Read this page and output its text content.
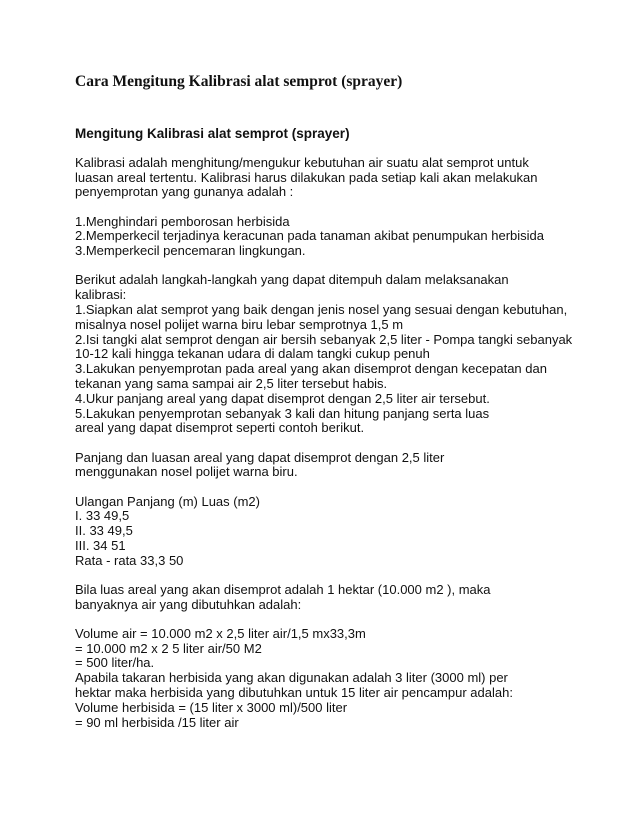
Cara Mengitung Kalibrasi alat semprot (sprayer)
Mengitung Kalibrasi alat semprot (sprayer)
Kalibrasi adalah menghitung/mengukur kebutuhan air suatu alat semprot untuk
luasan areal tertentu. Kalibrasi harus dilakukan pada setiap kali akan melakukan
penyemprotan yang gunanya adalah :
1.Menghindari pemborosan herbisida
2.Memperkecil terjadinya keracunan pada tanaman akibat penumpukan herbisida
3.Memperkecil pencemaran lingkungan.
Berikut adalah langkah-langkah yang dapat ditempuh dalam melaksanakan
kalibrasi:
1.Siapkan alat semprot yang baik dengan jenis nosel yang sesuai dengan kebutuhan,
misalnya nosel polijet warna biru lebar semprotnya 1,5 m
2.Isi tangki alat semprot dengan air bersih sebanyak 2,5 liter - Pompa tangki sebanyak
10-12 kali hingga tekanan udara di dalam tangki cukup penuh
3.Lakukan penyemprotan pada areal yang akan disemprot dengan kecepatan dan
tekanan yang sama sampai air 2,5 liter tersebut habis.
4.Ukur panjang areal yang dapat disemprot dengan 2,5 liter air tersebut.
5.Lakukan penyemprotan sebanyak 3 kali dan hitung panjang serta luas
areal yang dapat disemprot seperti contoh berikut.
Panjang dan luasan areal yang dapat disemprot dengan 2,5 liter
menggunakan nosel polijet warna biru.
Ulangan Panjang (m) Luas (m2)
I. 33 49,5
II. 33 49,5
III. 34 51
Rata - rata 33,3 50
Bila luas areal yang akan disemprot adalah 1 hektar (10.000 m2 ), maka
banyaknya air yang dibutuhkan adalah:
Volume air = 10.000 m2 x 2,5 liter air/1,5 mx33,3m
= 10.000 m2 x 2 5 liter air/50 M2
= 500 liter/ha.
Apabila takaran herbisida yang akan digunakan adalah 3 liter (3000 ml) per
hektar maka herbisida yang dibutuhkan untuk 15 liter air pencampur adalah:
Volume herbisida = (15 liter x 3000 ml)/500 liter
= 90 ml herbisida /15 liter air
